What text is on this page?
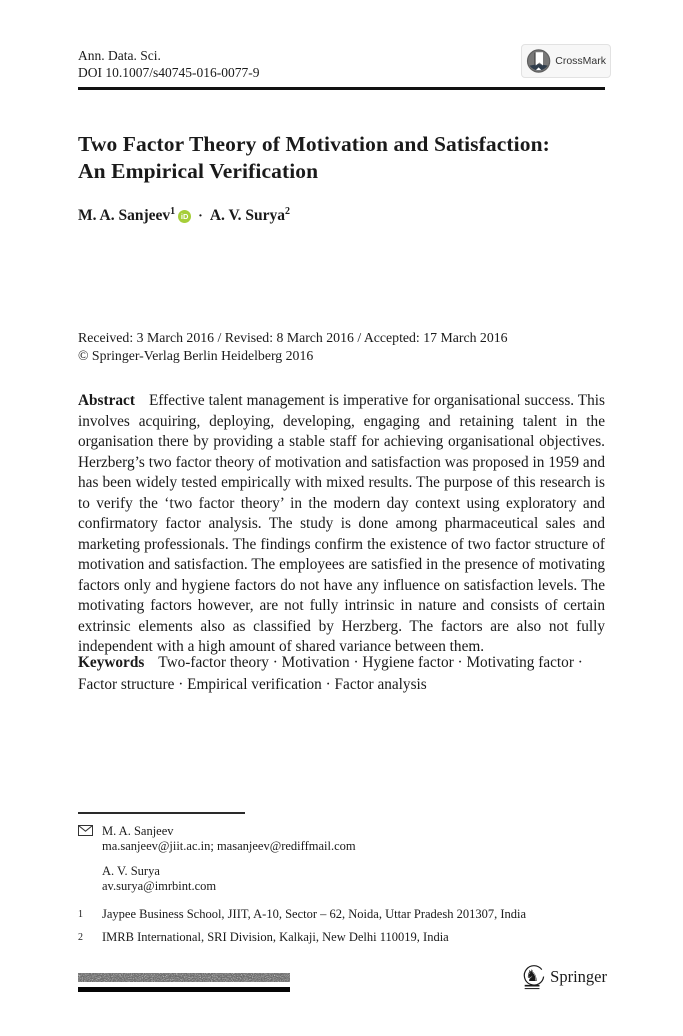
Ann. Data. Sci.
DOI 10.1007/s40745-016-0077-9
CrossMark
Two Factor Theory of Motivation and Satisfaction:
An Empirical Verification
M. A. Sanjeev$^1$ iD · A. V. Surya$^2$
Received: 3 March 2016 / Revised: 8 March 2016 / Accepted: 17 March 2016
© Springer-Verlag Berlin Heidelberg 2016
Abstract Effective talent management is imperative for organisational success. This involves acquiring, deploying, developing, engaging and retaining talent in the organisation there by providing a stable staff for achieving organisational objectives. Herzberg’s two factor theory of motivation and satisfaction was proposed in 1959 and has been widely tested empirically with mixed results. The purpose of this research is to verify the ‘two factor theory’ in the modern day context using exploratory and confirmatory factor analysis. The study is done among pharmaceutical sales and marketing professionals. The findings confirm the existence of two factor structure of motivation and satisfaction. The employees are satisfied in the presence of motivating factors only and hygiene factors do not have any influence on satisfaction levels. The motivating factors however, are not fully intrinsic in nature and consists of certain extrinsic elements also as classified by Herzberg. The factors are also not fully independent with a high amount of shared variance between them.
Keywords Two-factor theory · Motivation · Hygiene factor · Motivating factor · Factor structure · Empirical verification · Factor analysis
M. A. Sanjeev
ma.sanjeev@jiit.ac.in; masanjeev@rediffmail.com
A. V. Surya
av.surya@imrbint.com
1	Jaypee Business School, JIIT, A-10, Sector – 62, Noida, Uttar Pradesh 201307, India
2	IMRB International, SRI Division, Kalkaji, New Delhi 110019, India
♞ Springer
